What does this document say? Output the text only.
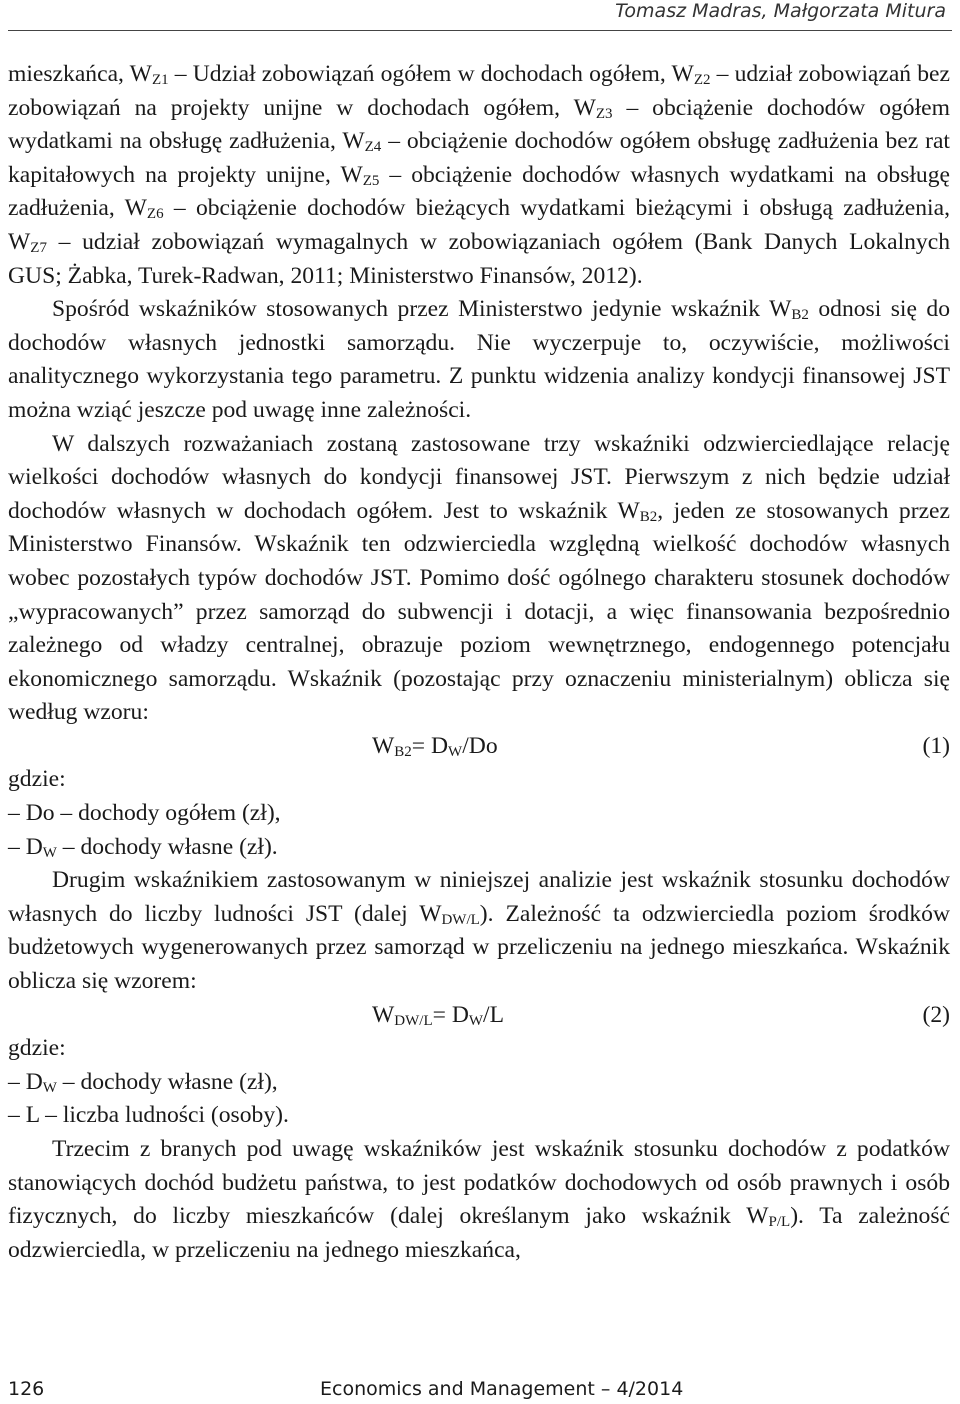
Tomasz Madras, Małgorzata Mitura

mieszkańca, $W_{Z1}$ – Udział zobowiązań ogółem w dochodach ogółem, $W_{Z2}$ – udział zobowiązań bez zobowiązań na projekty unijne w dochodach ogółem, $W_{Z3}$ – obciążenie dochodów ogółem wydatkami na obsługę zadłużenia, $W_{Z4}$ – obciążenie dochodów ogółem obsługę zadłużenia bez rat kapitałowych na projekty unijne, $W_{Z5}$ – obciążenie dochodów własnych wydatkami na obsługę zadłużenia, $W_{Z6}$ – obciążenie dochodów bieżących wydatkami bieżącymi i obsługą zadłużenia, $W_{Z7}$ – udział zobowiązań wymagalnych w zobowiązaniach ogółem (Bank Danych Lokalnych GUS; Żabka, Turek-Radwan, 2011; Ministerstwo Finansów, 2012).

Spośród wskaźników stosowanych przez Ministerstwo jedynie wskaźnik $W_{B2}$ odnosi się do dochodów własnych jednostki samorządu. Nie wyczerpuje to, oczywiście, możliwości analitycznego wykorzystania tego parametru. Z punktu widzenia analizy kondycji finansowej JST można wziąć jeszcze pod uwagę inne zależności.

W dalszych rozważaniach zostaną zastosowane trzy wskaźniki odzwierciedlające relację wielkości dochodów własnych do kondycji finansowej JST. Pierwszym z nich będzie udział dochodów własnych w dochodach ogółem. Jest to wskaźnik $W_{B2}$, jeden ze stosowanych przez Ministerstwo Finansów. Wskaźnik ten odzwierciedla względną wielkość dochodów własnych wobec pozostałych typów dochodów JST. Pomimo dość ogólnego charakteru stosunek dochodów „wypracowanych” przez samorząd do subwencji i dotacji, a więc finansowania bezpośrednio zależnego od władzy centralnej, obrazuje poziom wewnętrznego, endogennego potencjału ekonomicznego samorządu. Wskaźnik (pozostając przy oznaczeniu ministerialnym) oblicza się według wzoru:

$W_{B2}= D_W/Do$	(1)

gdzie:

– Do – dochody ogółem (zł),

– $D_W$ – dochody własne (zł).

Drugim wskaźnikiem zastosowanym w niniejszej analizie jest wskaźnik stosunku dochodów własnych do liczby ludności JST (dalej $W_{DW/L}$). Zależność ta odzwierciedla poziom środków budżetowych wygenerowanych przez samorząd w przeliczeniu na jednego mieszkańca. Wskaźnik oblicza się wzorem:

$W_{DW/L}= D_W/L$	(2)

gdzie:

– $D_W$ – dochody własne (zł),

– L – liczba ludności (osoby).

Trzecim z branych pod uwagę wskaźników jest wskaźnik stosunku dochodów z podatków stanowiących dochód budżetu państwa, to jest podatków dochodowych od osób prawnych i osób fizycznych, do liczby mieszkańców (dalej określanym jako wskaźnik $W_{P/L}$). Ta zależność odzwierciedla, w przeliczeniu na jednego mieszkańca,

126	Economics and Management – 4/2014
